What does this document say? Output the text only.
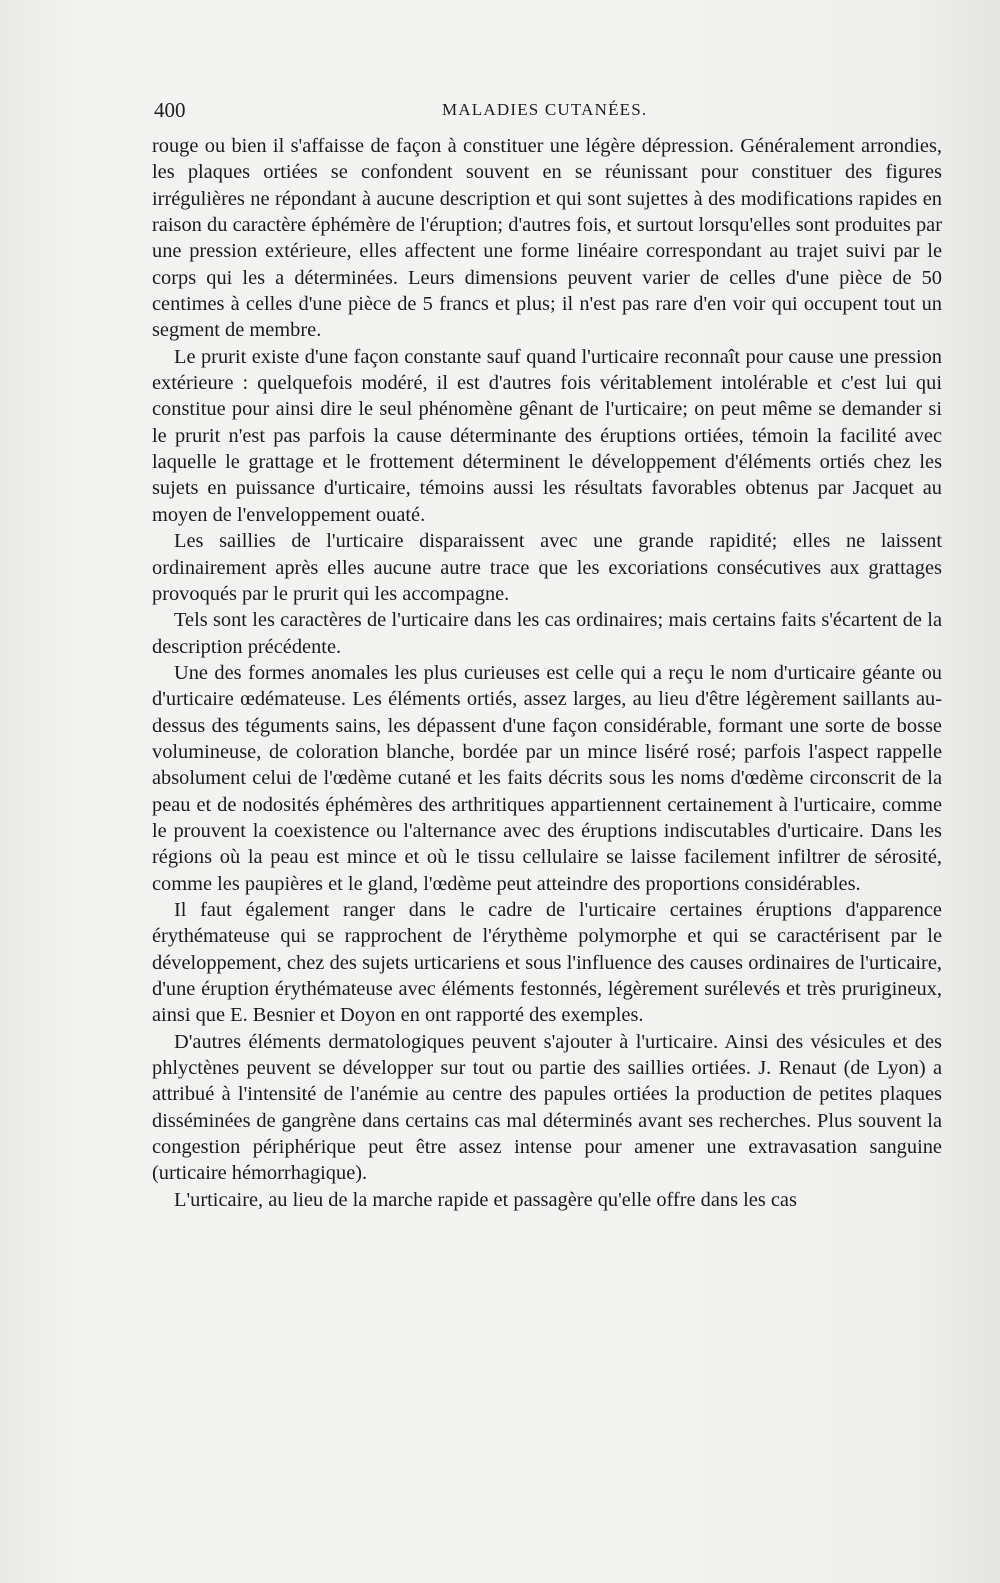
400	MALADIES CUTANÉES.

rouge ou bien il s'affaisse de façon à constituer une légère dépression. Généralement arrondies, les plaques ortiées se confondent souvent en se réunissant pour constituer des figures irrégulières ne répondant à aucune description et qui sont sujettes à des modifications rapides en raison du caractère éphémère de l'éruption; d'autres fois, et surtout lorsqu'elles sont produites par une pression extérieure, elles affectent une forme linéaire correspondant au trajet suivi par le corps qui les a déterminées. Leurs dimensions peuvent varier de celles d'une pièce de 50 centimes à celles d'une pièce de 5 francs et plus; il n'est pas rare d'en voir qui occupent tout un segment de membre.

Le prurit existe d'une façon constante sauf quand l'urticaire reconnaît pour cause une pression extérieure : quelquefois modéré, il est d'autres fois véritablement intolérable et c'est lui qui constitue pour ainsi dire le seul phénomène gênant de l'urticaire; on peut même se demander si le prurit n'est pas parfois la cause déterminante des éruptions ortiées, témoin la facilité avec laquelle le grattage et le frottement déterminent le développement d'éléments ortiés chez les sujets en puissance d'urticaire, témoins aussi les résultats favorables obtenus par Jacquet au moyen de l'enveloppement ouaté.

Les saillies de l'urticaire disparaissent avec une grande rapidité; elles ne laissent ordinairement après elles aucune autre trace que les excoriations consécutives aux grattages provoqués par le prurit qui les accompagne.

Tels sont les caractères de l'urticaire dans les cas ordinaires; mais certains faits s'écartent de la description précédente.

Une des formes anomales les plus curieuses est celle qui a reçu le nom d'urticaire géante ou d'urticaire œdémateuse. Les éléments ortiés, assez larges, au lieu d'être légèrement saillants au-dessus des téguments sains, les dépassent d'une façon considérable, formant une sorte de bosse volumineuse, de coloration blanche, bordée par un mince liséré rosé; parfois l'aspect rappelle absolument celui de l'œdème cutané et les faits décrits sous les noms d'œdème circonscrit de la peau et de nodosités éphémères des arthritiques appartiennent certainement à l'urticaire, comme le prouvent la coexistence ou l'alternance avec des éruptions indiscutables d'urticaire. Dans les régions où la peau est mince et où le tissu cellulaire se laisse facilement infiltrer de sérosité, comme les paupières et le gland, l'œdème peut atteindre des proportions considérables.

Il faut également ranger dans le cadre de l'urticaire certaines éruptions d'apparence érythémateuse qui se rapprochent de l'érythème polymorphe et qui se caractérisent par le développement, chez des sujets urticariens et sous l'influence des causes ordinaires de l'urticaire, d'une éruption érythémateuse avec éléments festonnés, légèrement surélevés et très prurigineux, ainsi que E. Besnier et Doyon en ont rapporté des exemples.

D'autres éléments dermatologiques peuvent s'ajouter à l'urticaire. Ainsi des vésicules et des phlyctènes peuvent se développer sur tout ou partie des saillies ortiées. J. Renaut (de Lyon) a attribué à l'intensité de l'anémie au centre des papules ortiées la production de petites plaques disséminées de gangrène dans certains cas mal déterminés avant ses recherches. Plus souvent la congestion périphérique peut être assez intense pour amener une extravasation sanguine (urticaire hémorrhagique).

L'urticaire, au lieu de la marche rapide et passagère qu'elle offre dans les cas
